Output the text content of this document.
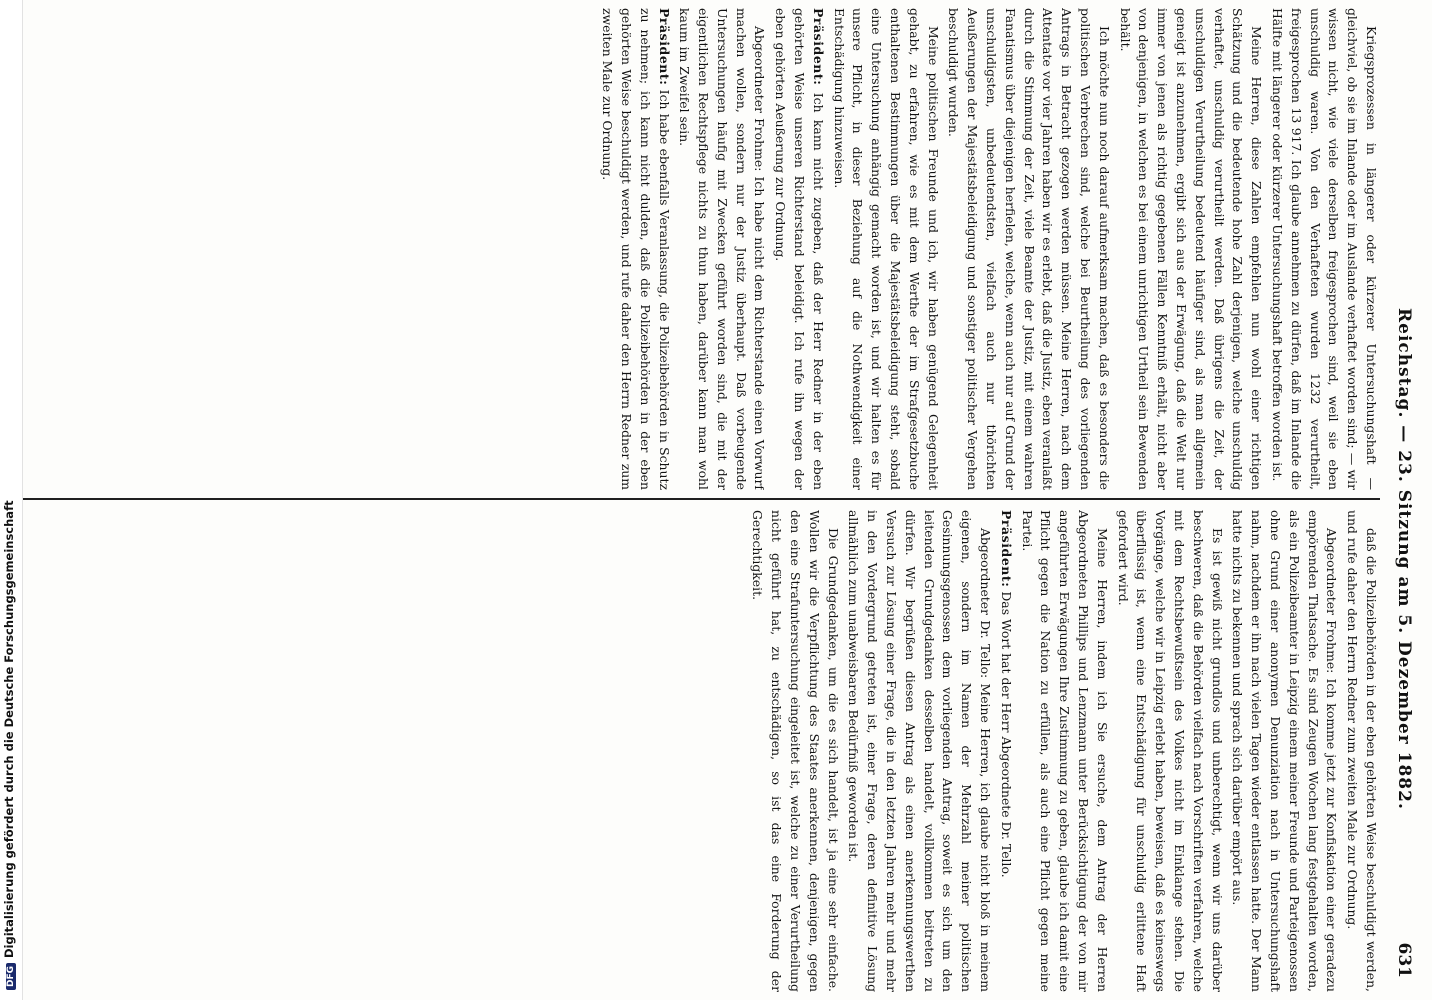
Reichstag. — 23. Sitzung am 5. Dezember 1882.
631

Kriegsprozessen in längerer oder kürzerer Untersuchungshaft — gleichviel, ob sie im Inlande oder im Auslande verhaftet worden sind; — wir wissen nicht, wie viele derselben freigesprochen sind, weil sie eben unschuldig waren. Von den Verhafteten wurden 1232 verurtheilt, freigesprochen 13 917. Ich glaube annehmen zu dürfen, daß im Inlande die Hälfte mit längerer oder kürzerer Untersuchungshaft betroffen worden ist.

Meine Herren, diese Zahlen empfehlen nun wohl einer richtigen Schätzung und die bedeutende hohe Zahl derjenigen, welche unschuldig verhaftet, unschuldig verurtheilt werden. Daß übrigens die Zeit, der unschuldigen Verurtheilung bedeutend häufiger sind, als man allgemein geneigt ist anzunehmen, ergibt sich aus der Erwägung, daß die Welt nur immer von jenen als richtig gegebenen Fällen Kenntniß erhält, nicht aber von denjenigen, in welchen es bei einem unrichtigen Urtheil sein Bewenden behält.

Ich möchte nun noch darauf aufmerksam machen, daß es besonders die politischen Verbrechen sind, welche bei Beurtheilung des vorliegenden Antrags in Betracht gezogen werden müssen. Meine Herren, nach dem Attentate vor vier Jahren haben wir es erlebt, daß die Justiz, eben veranlaßt durch die Stimmung der Zeit, viele Beamte der Justiz, mit einem wahren Fanatismus über diejenigen herfielen, welche, wenn auch nur auf Grund der unschuldigsten, unbedeutendsten, vielfach auch nur thörichten Aeußerungen der Majestätsbeleidigung und sonstiger politischer Vergehen beschuldigt wurden.

Meine politischen Freunde und ich, wir haben genügend Gelegenheit gehabt, zu erfahren, wie es mit dem Werthe der im Strafgesetzbuche enthaltenen Bestimmungen über die Majestätsbeleidigung steht, sobald eine Untersuchung anhängig gemacht worden ist, und wir halten es für unsere Pflicht, in dieser Beziehung auf die Nothwendigkeit einer Entschädigung hinzuweisen.

Präsident: Ich kann nicht zugeben, daß der Herr Redner in der eben gehörten Weise unseren Richterstand beleidigt. Ich rufe ihn wegen der eben gehörten Aeußerung zur Ordnung.

Abgeordneter Frohme: Ich habe nicht dem Richterstande einen Vorwurf machen wollen, sondern nur der Justiz überhaupt. Daß vorbeugende Untersuchungen häufig mit Zwecken geführt worden sind, die mit der eigentlichen Rechtspflege nichts zu thun haben, darüber kann man wohl kaum im Zweifel sein.

Präsident: Ich habe ebenfalls Veranlassung, die Polizeibehörden in Schutz zu nehmen; ich kann nicht dulden, daß die Polizeibehörden in der eben gehörten Weise beschuldigt werden, und rufe daher den Herrn Redner zum zweiten Male zur Ordnung.

daß die Polizeibehörden in der eben gehörten Weise beschuldigt werden, und rufe daher den Herrn Redner zum zweiten Male zur Ordnung.

Abgeordneter Frohme: Ich komme jetzt zur Konfiskation einer geradezu empörenden Thatsache. Es sind Zeugen Wochen lang festgehalten worden, als ein Polizeibeamter in Leipzig einem meiner Freunde und Parteigenossen ohne Grund einer anonymen Denunziation nach in Untersuchungshaft nahm, nachdem er ihn nach vielen Tagen wieder entlassen hatte. Der Mann hatte nichts zu bekennen und sprach sich darüber empört aus.

Es ist gewiß nicht grundlos und unberechtigt, wenn wir uns darüber beschweren, daß die Behörden vielfach nach Vorschriften verfahren, welche mit dem Rechtsbewußtsein des Volkes nicht im Einklange stehen. Die Vorgänge, welche wir in Leipzig erlebt haben, beweisen, daß es keineswegs überflüssig ist, wenn eine Entschädigung für unschuldig erlittene Haft gefordert wird.

Meine Herren, indem ich Sie ersuche, dem Antrag der Herren Abgeordneten Phillips und Lenzmann unter Berücksichtigung der von mir angeführten Erwägungen Ihre Zustimmung zu geben, glaube ich damit eine Pflicht gegen die Nation zu erfüllen, als auch eine Pflicht gegen meine Partei.

Präsident: Das Wort hat der Herr Abgeordnete Dr. Tello.

Abgeordneter Dr. Tello: Meine Herren, ich glaube nicht bloß in meinem eigenen, sondern im Namen der Mehrzahl meiner politischen Gesinnungsgenossen dem vorliegenden Antrag, soweit es sich um den leitenden Grundgedanken desselben handelt, vollkommen beitreten zu dürfen. Wir begrüßen diesen Antrag als einen anerkennungswerthen Versuch zur Lösung einer Frage, die in den letzten Jahren mehr und mehr in den Vordergrund getreten ist, einer Frage, deren definitive Lösung allmählich zum unabweisbaren Bedürfniß geworden ist.

Die Grundgedanken, um die es sich handelt, ist ja eine sehr einfache. Wollen wir die Verpflichtung des Staates anerkennen, denjenigen, gegen den eine Strafuntersuchung eingeleitet ist, welche zu einer Verurtheilung nicht geführt hat, zu entschädigen, so ist das eine Forderung der Gerechtigkeit.

DFGDigitalisierung gefördert durch die Deutsche Forschungsgemeinschaft
